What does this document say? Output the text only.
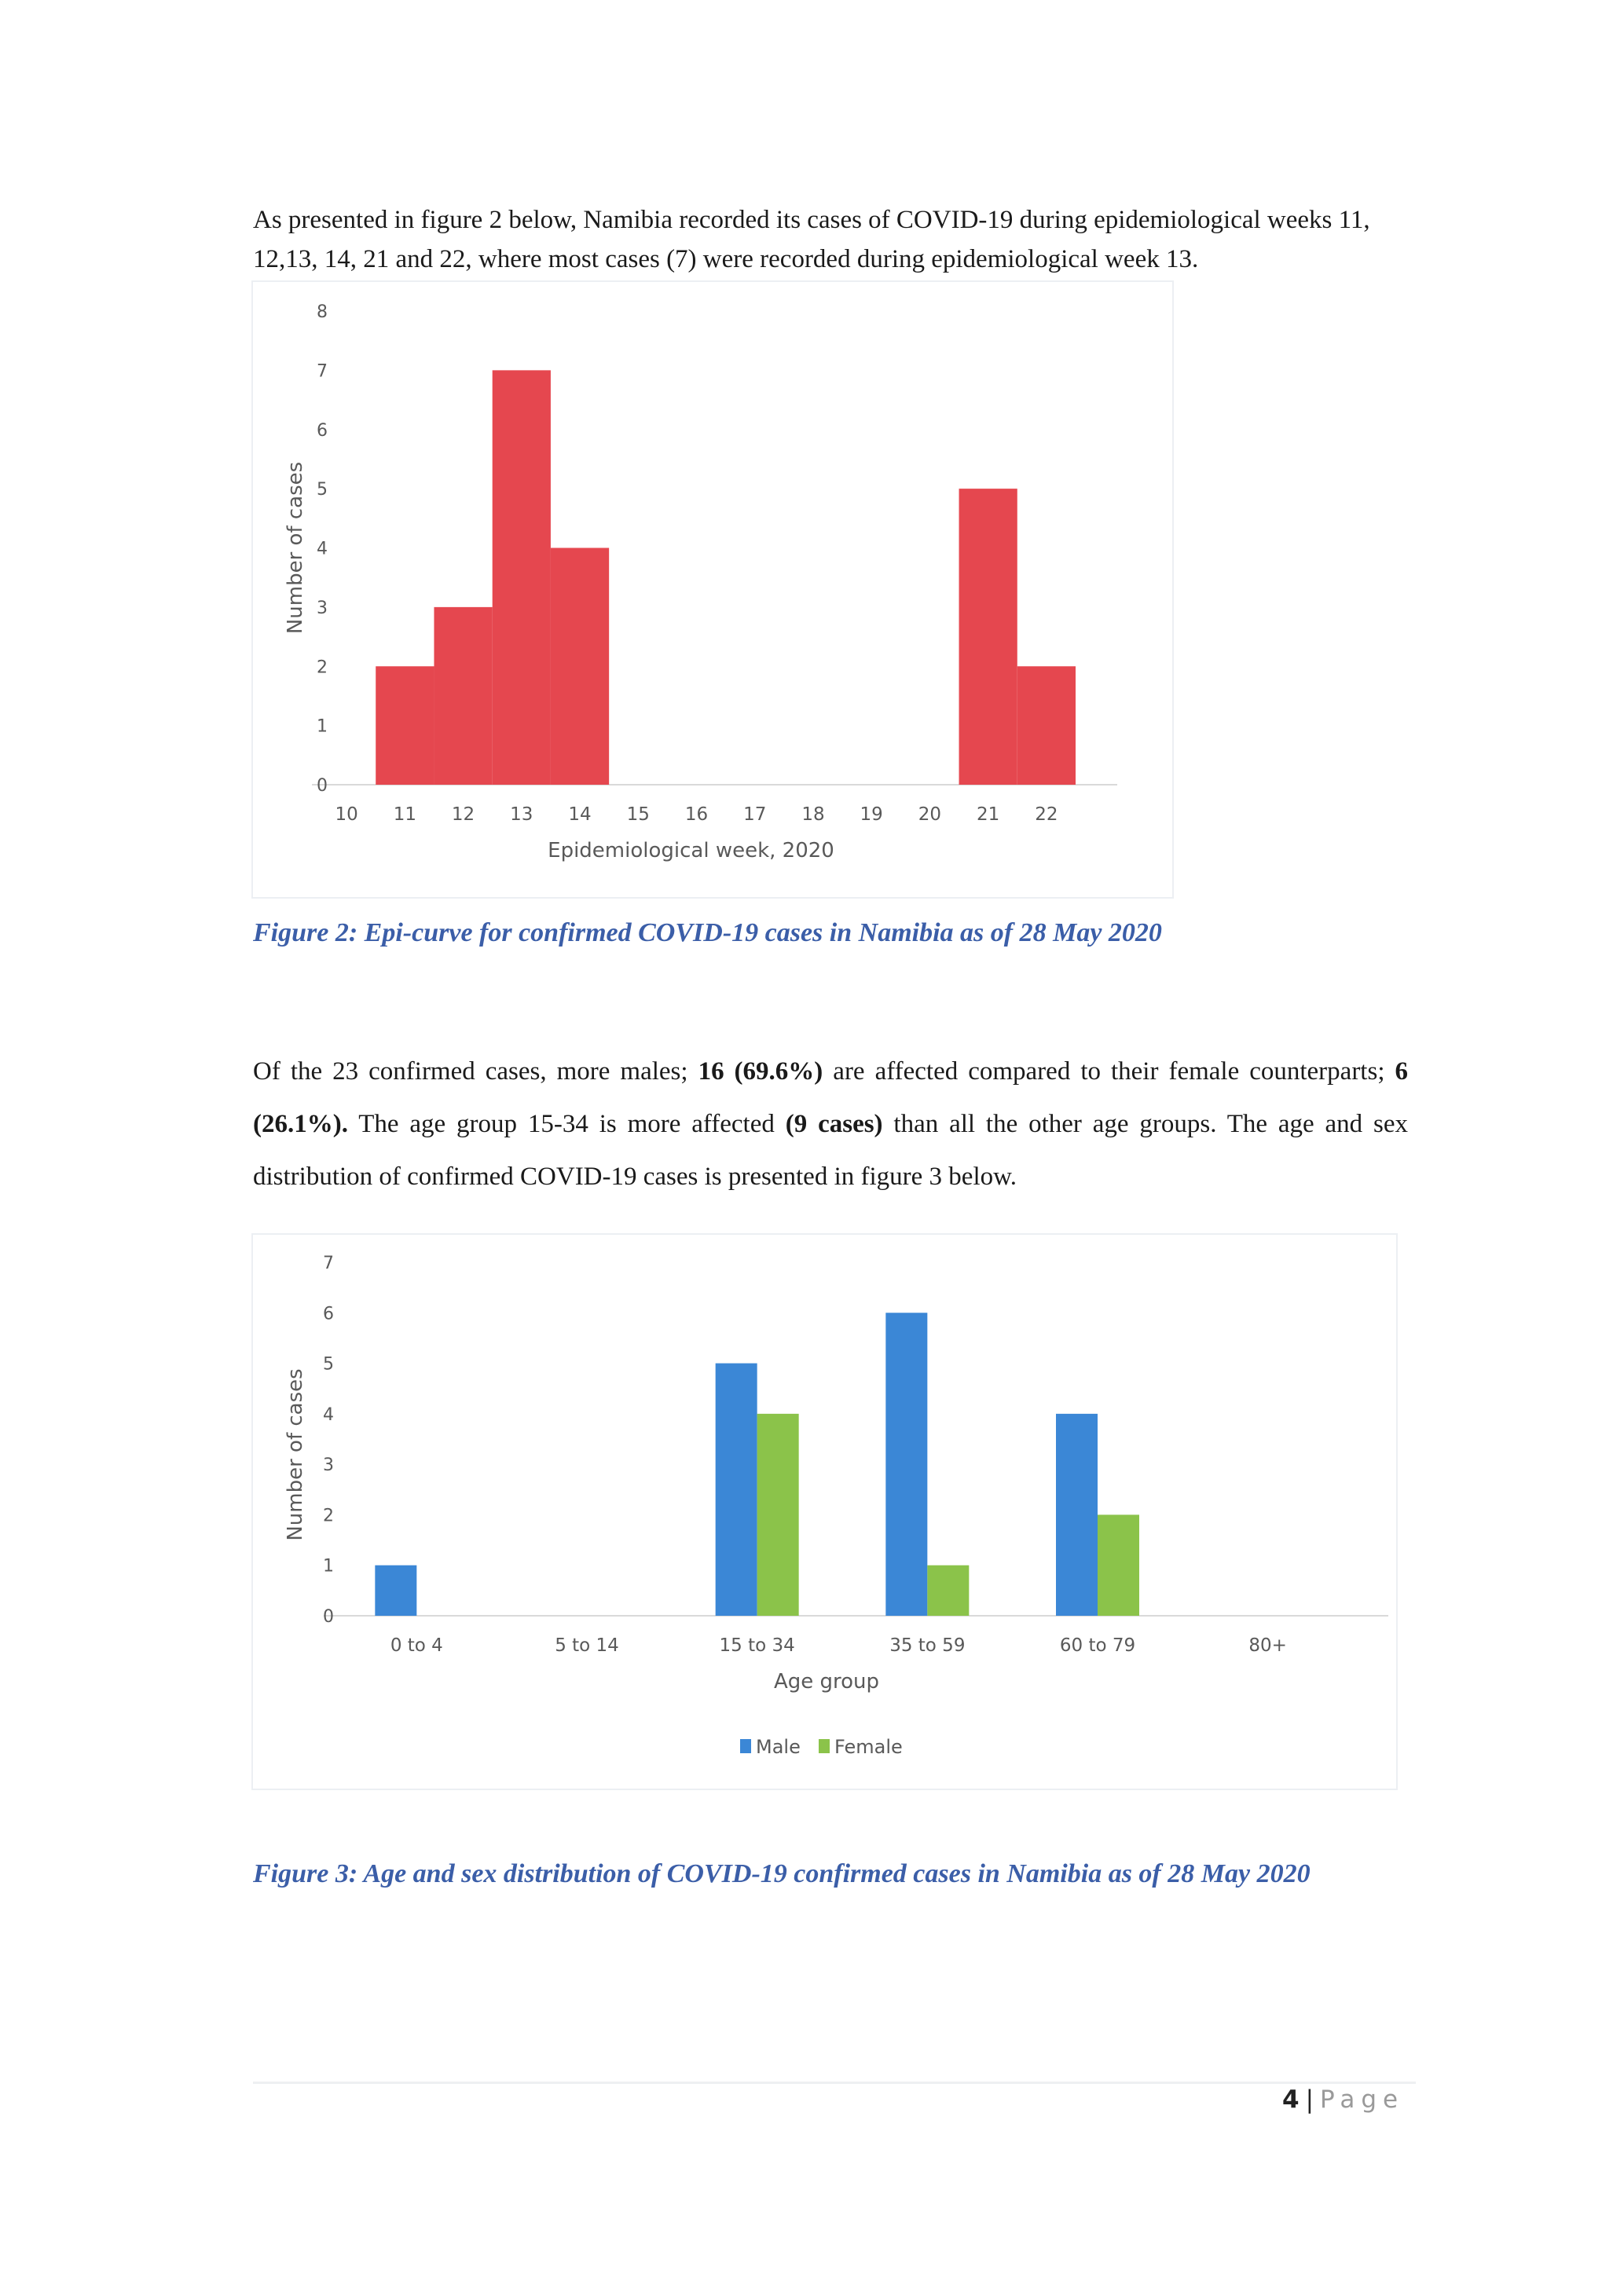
As presented in figure 2 below, Namibia recorded its cases of COVID-19 during epidemiological weeks 11, 12,13, 14, 21 and 22, where most cases (7) were recorded during epidemiological week 13.

0
1
2
3
4
5
6
7
8
10 11 12 13 14 15 16 17 18 19 20 21 22
Epidemiological week, 2020
Number of cases
Figure 2: Epi-curve for confirmed COVID-19 cases in Namibia as of 28 May 2020

Of the 23 confirmed cases, more males; 16 (69.6%) are affected compared to their female counterparts; 6 (26.1%). The age group 15-34 is more affected (9 cases) than all the other age groups. The age and sex distribution of confirmed COVID-19 cases is presented in figure 3 below.

0
1
2
3
4
5
6
7
0 to 4	5 to 14	15 to 34	35 to 59	60 to 79	80+
Age group
Number of cases
Male Female
Figure 3: Age and sex distribution of COVID-19 confirmed cases in Namibia as of 28 May 2020
4 | Page
